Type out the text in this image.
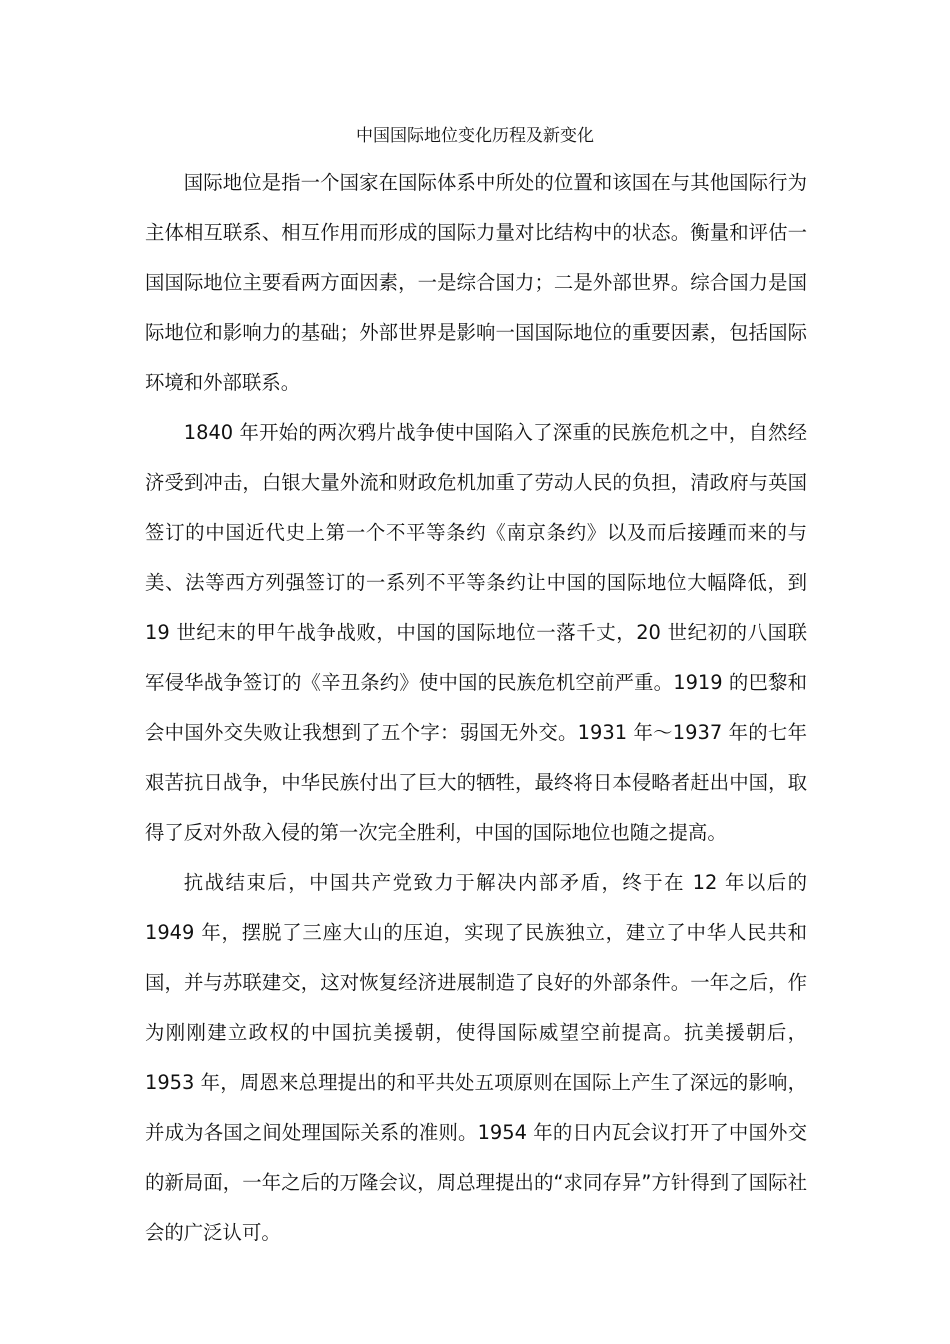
中国国际地位变化历程及新变化

国际地位是指一个国家在国际体系中所处的位置和该国在与其他国际行为主体相互联系、相互作用而形成的国际力量对比结构中的状态。衡量和评估一国国际地位主要看两方面因素，一是综合国力；二是外部世界。综合国力是国际地位和影响力的基础；外部世界是影响一国国际地位的重要因素，包括国际环境和外部联系。

1840 年开始的两次鸦片战争使中国陷入了深重的民族危机之中，自然经济受到冲击，白银大量外流和财政危机加重了劳动人民的负担，清政府与英国签订的中国近代史上第一个不平等条约《南京条约》以及而后接踵而来的与美、法等西方列强签订的一系列不平等条约让中国的国际地位大幅降低，到 19 世纪末的甲午战争战败，中国的国际地位一落千丈，20 世纪初的八国联军侵华战争签订的《辛丑条约》使中国的民族危机空前严重。1919 的巴黎和会中国外交失败让我想到了五个字：弱国无外交。1931 年～1937 年的七年艰苦抗日战争，中华民族付出了巨大的牺牲，最终将日本侵略者赶出中国，取得了反对外敌入侵的第一次完全胜利，中国的国际地位也随之提高。

抗战结束后，中国共产党致力于解决内部矛盾，终于在 12 年以后的 1949 年，摆脱了三座大山的压迫，实现了民族独立，建立了中华人民共和国，并与苏联建交，这对恢复经济进展制造了良好的外部条件。一年之后，作为刚刚建立政权的中国抗美援朝，使得国际威望空前提高。抗美援朝后，1953 年，周恩来总理提出的和平共处五项原则在国际上产生了深远的影响，并成为各国之间处理国际关系的准则。1954 年的日内瓦会议打开了中国外交的新局面，一年之后的万隆会议，周总理提出的“求同存异”方针得到了国际社会的广泛认可。
